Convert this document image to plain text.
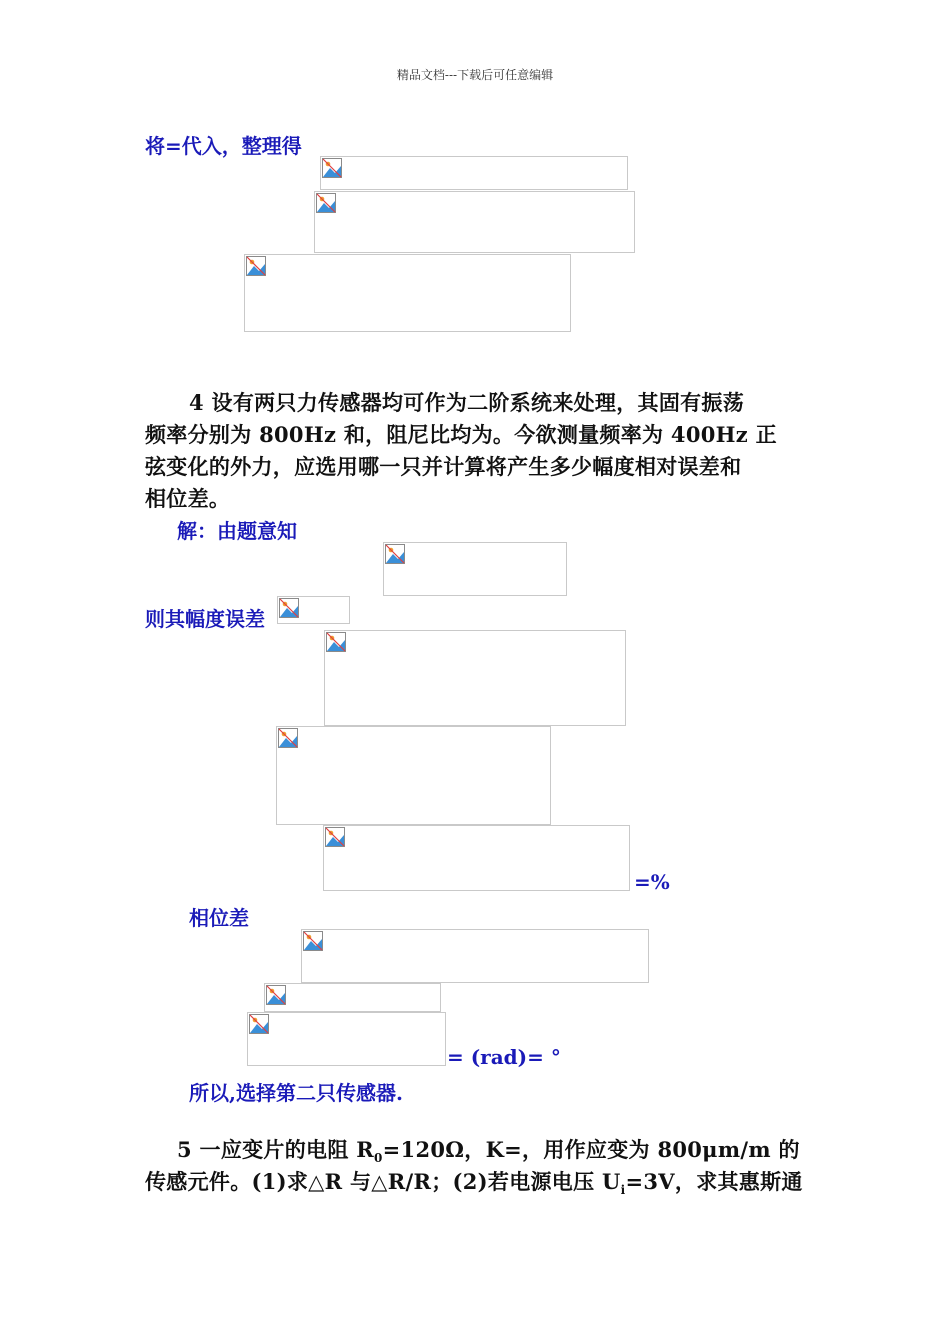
精品文档---下载后可任意编辑
将=代入，整理得
4 设有两只力传感器均可作为二阶系统来处理，其固有振荡
频率分别为 800Hz 和，阻尼比均为。今欲测量频率为 400Hz 正
弦变化的外力，应选用哪一只并计算将产生多少幅度相对误差和
相位差。
解：由题意知
则其幅度误差
=%
相位差
= (rad)= °
所以,选择第二只传感器.
5 一应变片的电阻 $R_0=120\Omega$，K=，用作应变为 800μm/m 的
传感元件。(1)求△R 与△R/R；(2)若电源电压 $U_i=3V$，求其惠斯通
